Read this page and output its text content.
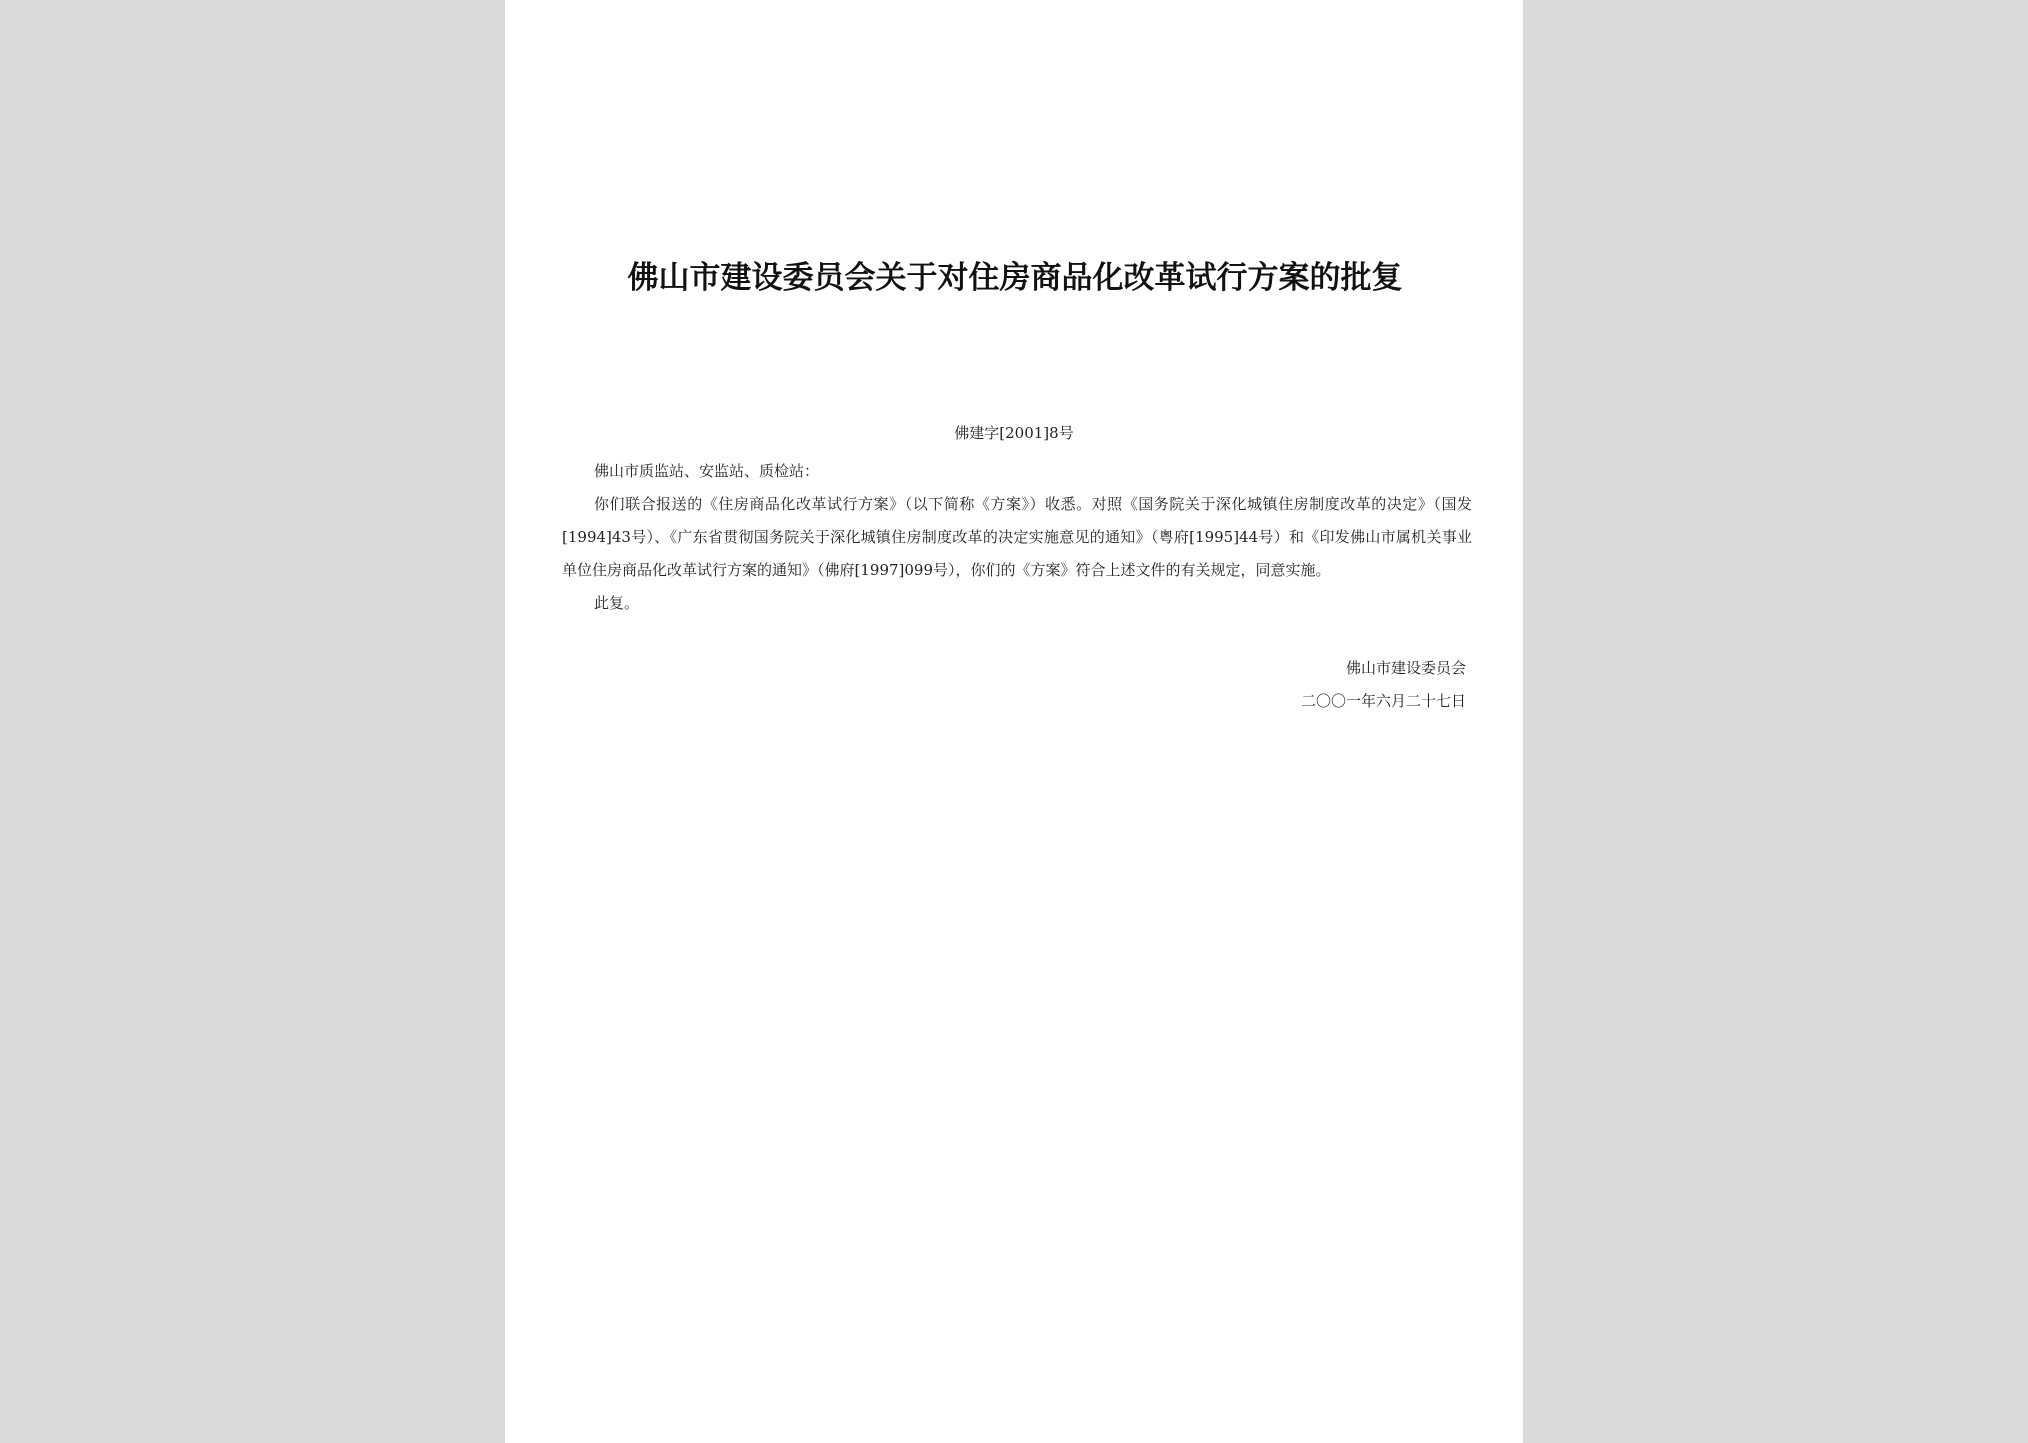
佛山市建设委员会关于对住房商品化改革试行方案的批复
佛建字[2001]8号

佛山市质监站、安监站、质检站：

你们联合报送的《住房商品化改革试行方案》（以下简称《方案》）收悉。对照《国务院关于深化城镇住房制度改革的决定》（国发[1994]43号）、《广东省贯彻国务院关于深化城镇住房制度改革的决定实施意见的通知》（粤府[1995]44号）和《印发佛山市属机关事业单位住房商品化改革试行方案的通知》（佛府[1997]099号），你们的《方案》符合上述文件的有关规定，同意实施。

此复。

佛山市建设委员会
二〇〇一年六月二十七日
